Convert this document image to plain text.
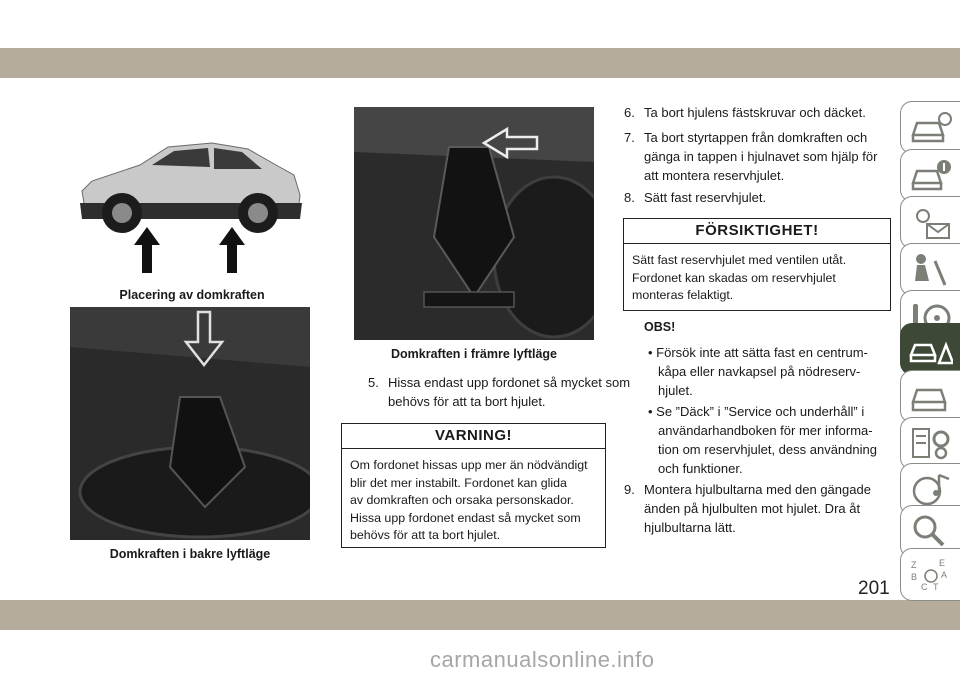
Placering av domkraften
Domkraften i bakre lyftläge
Domkraften i främre lyftläge
5. Hissa endast upp fordonet så mycket som
behövs för att ta bort hjulet.
VARNING!
Om fordonet hissas upp mer än nödvändigt
blir det mer instabilt. Fordonet kan glida
av domkraften och orsaka personskador.
Hissa upp fordonet endast så mycket som
behövs för att ta bort hjulet.
6. Ta bort hjulens fästskruvar och däcket.
7. Ta bort styrtappen från domkraften och
gänga in tappen i hjulnavet som hjälp för
att montera reservhjulet.
8. Sätt fast reservhjulet.
FÖRSIKTIGHET!
Sätt fast reservhjulet med ventilen utåt.
Fordonet kan skadas om reservhjulet
monteras felaktigt.
OBS!
• Försök inte att sätta fast en centrum-
kåpa eller navkapsel på nödreserv-
hjulet.
• Se ”Däck” i ”Service och underhåll” i
användarhandboken för mer informa-
tion om reservhjulet, dess användning
och funktioner.
9. Montera hjulbultarna med den gängade
änden på hjulbulten mot hjulet. Dra åt
hjulbultarna lätt.
Z	E
B	A
C T
201
carmanualsonline.info
